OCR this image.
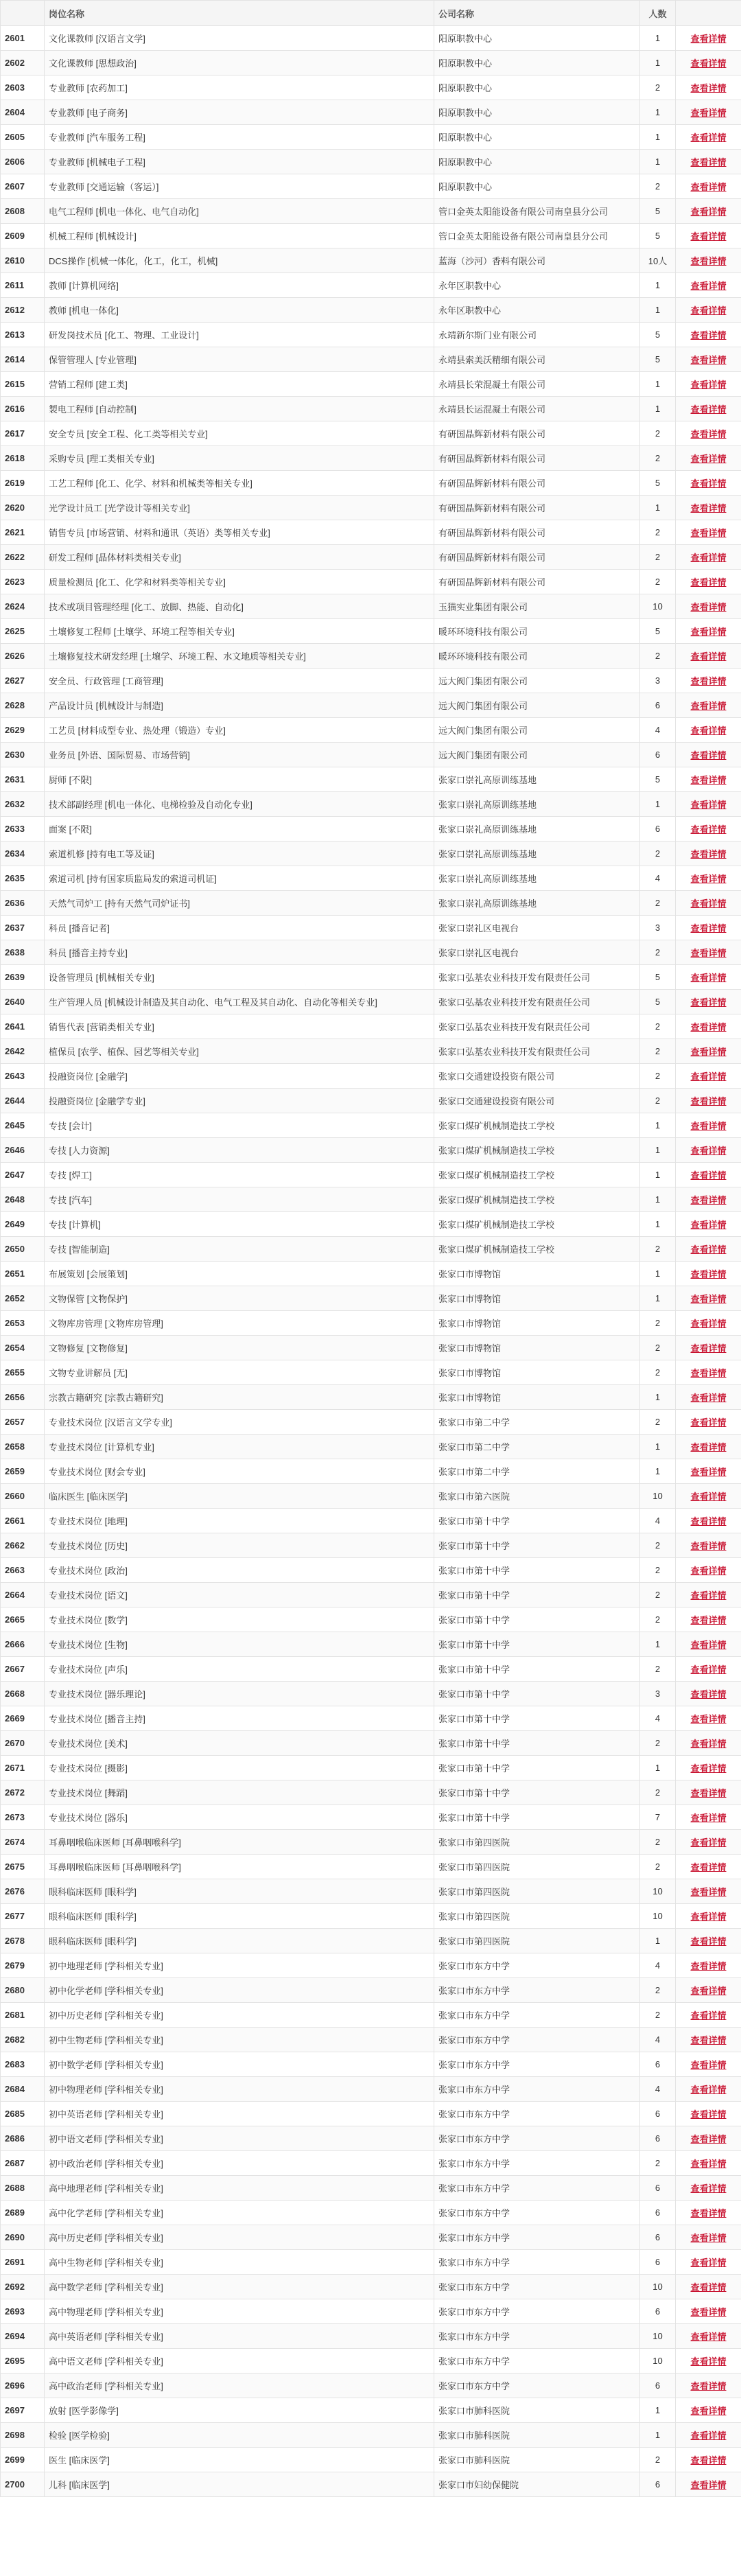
	岗位名称	公司名称	人数	
2601	文化课教师 [汉语言文学]	阳原职教中心	1	查看详情
2602	文化课教师 [思想政治]	阳原职教中心	1	查看详情
2603	专业教师 [农药加工]	阳原职教中心	2	查看详情
2604	专业教师 [电子商务]	阳原职教中心	1	查看详情
2605	专业教师 [汽车服务工程]	阳原职教中心	1	查看详情
2606	专业教师 [机械电子工程]	阳原职教中心	1	查看详情
2607	专业教师 [交通运输（客运）]	阳原职教中心	2	查看详情
2608	电气工程师 [机电一体化、电气自动化]	管口金英太阳能设备有限公司南皇县分公司	5	查看详情
2609	机械工程师 [机械设计]	管口金英太阳能设备有限公司南皇县分公司	5	查看详情
2610	DCS操作 [机械一体化，化工，化工，机械]	蓝海（沙河）香料有限公司	10人	查看详情
2611	教师 [计算机网络]	永年区职教中心	1	查看详情
2612	教师 [机电一体化]	永年区职教中心	1	查看详情
2613	研发岗技术员 [化工、物理、工业设计]	永靖新尔斯门业有限公司	5	查看详情
2614	保管管理人 [专业管理]	永靖县索美沃精细有限公司	5	查看详情
2615	营销工程师 [建工类]	永靖县长荣混凝土有限公司	1	查看详情
2616	製电工程师 [自动控制]	永靖县长运混凝土有限公司	1	查看详情
2617	安全专员 [安全工程、化工类等相关专业]	有研国晶辉新材料有限公司	2	查看详情
2618	采购专员 [理工类相关专业]	有研国晶辉新材料有限公司	2	查看详情
2619	工艺工程师 [化工、化学、材料和机械类等相关专业]	有研国晶辉新材料有限公司	5	查看详情
2620	光学设计员工 [光学设计等相关专业]	有研国晶辉新材料有限公司	1	查看详情
2621	销售专员 [市场营销、材料和通讯（英语）类等相关专业]	有研国晶辉新材料有限公司	2	查看详情
2622	研发工程师 [晶体材料类相关专业]	有研国晶辉新材料有限公司	2	查看详情
2623	质量检测员 [化工、化学和材料类等相关专业]	有研国晶辉新材料有限公司	2	查看详情
2624	技术或项目管理经理 [化工、放脚、热能、自动化]	玉猫实业集团有限公司	10	查看详情
2625	土壤修复工程师 [土壤学、环境工程等相关专业]	暖环环境科技有限公司	5	查看详情
2626	土壤修复技术研发经理 [土壤学、环境工程、水文地质等相关专业]	暖环环境科技有限公司	2	查看详情
2627	安全员、行政管理 [工商管理]	远大阀门集团有限公司	3	查看详情
2628	产品设计员 [机械设计与制造]	远大阀门集团有限公司	6	查看详情
2629	工艺员 [材料成型专业、热处理（锻造）专业]	远大阀门集团有限公司	4	查看详情
2630	业务员 [外语、国际贸易、市场营销]	远大阀门集团有限公司	6	查看详情
2631	厨师 [不限]	张家口崇礼高原训练基地	5	查看详情
2632	技术部副经理 [机电一体化、电梯检验及自动化专业]	张家口崇礼高原训练基地	1	查看详情
2633	面案 [不限]	张家口崇礼高原训练基地	6	查看详情
2634	索道机修 [持有电工等及证]	张家口崇礼高原训练基地	2	查看详情
2635	索道司机 [持有国家质监局发的索道司机证]	张家口崇礼高原训练基地	4	查看详情
2636	天然气司炉工 [持有天然气司炉证书]	张家口崇礼高原训练基地	2	查看详情
2637	科员 [播音记者]	张家口崇礼区电视台	3	查看详情
2638	科员 [播音主持专业]	张家口崇礼区电视台	2	查看详情
2639	设备管理员 [机械相关专业]	张家口弘基农业科技开发有限责任公司	5	查看详情
2640	生产管理人员 [机械设计制造及其自动化、电气工程及其自动化、自动化等相关专业]	张家口弘基农业科技开发有限责任公司	5	查看详情
2641	销售代表 [营销类相关专业]	张家口弘基农业科技开发有限责任公司	2	查看详情
2642	植保员 [农学、植保、园艺等相关专业]	张家口弘基农业科技开发有限责任公司	2	查看详情
2643	投融资岗位 [金融学]	张家口交通建设投资有限公司	2	查看详情
2644	投融资岗位 [金融学专业]	张家口交通建设投资有限公司	2	查看详情
2645	专技 [会计]	张家口煤矿机械制造技工学校	1	查看详情
2646	专技 [人力资源]	张家口煤矿机械制造技工学校	1	查看详情
2647	专技 [焊工]	张家口煤矿机械制造技工学校	1	查看详情
2648	专技 [汽车]	张家口煤矿机械制造技工学校	1	查看详情
2649	专技 [计算机]	张家口煤矿机械制造技工学校	1	查看详情
2650	专技 [智能制造]	张家口煤矿机械制造技工学校	2	查看详情
2651	布展策划 [会展策划]	张家口市博物馆	1	查看详情
2652	文物保管 [文物保护]	张家口市博物馆	1	查看详情
2653	文物库房管理 [文物库房管理]	张家口市博物馆	2	查看详情
2654	文物修复 [文物修复]	张家口市博物馆	2	查看详情
2655	文物专业讲解员 [无]	张家口市博物馆	2	查看详情
2656	宗教古籍研究 [宗教古籍研究]	张家口市博物馆	1	查看详情
2657	专业技术岗位 [汉语言文学专业]	张家口市第二中学	2	查看详情
2658	专业技术岗位 [计算机专业]	张家口市第二中学	1	查看详情
2659	专业技术岗位 [财会专业]	张家口市第二中学	1	查看详情
2660	临床医生 [临床医学]	张家口市第六医院	10	查看详情
2661	专业技术岗位 [地理]	张家口市第十中学	4	查看详情
2662	专业技术岗位 [历史]	张家口市第十中学	2	查看详情
2663	专业技术岗位 [政治]	张家口市第十中学	2	查看详情
2664	专业技术岗位 [语文]	张家口市第十中学	2	查看详情
2665	专业技术岗位 [数学]	张家口市第十中学	2	查看详情
2666	专业技术岗位 [生物]	张家口市第十中学	1	查看详情
2667	专业技术岗位 [声乐]	张家口市第十中学	2	查看详情
2668	专业技术岗位 [器乐理论]	张家口市第十中学	3	查看详情
2669	专业技术岗位 [播音主持]	张家口市第十中学	4	查看详情
2670	专业技术岗位 [美术]	张家口市第十中学	2	查看详情
2671	专业技术岗位 [摄影]	张家口市第十中学	1	查看详情
2672	专业技术岗位 [舞蹈]	张家口市第十中学	2	查看详情
2673	专业技术岗位 [器乐]	张家口市第十中学	7	查看详情
2674	耳鼻咽喉临床医师 [耳鼻咽喉科学]	张家口市第四医院	2	查看详情
2675	耳鼻咽喉临床医师 [耳鼻咽喉科学]	张家口市第四医院	2	查看详情
2676	眼科临床医师 [眼科学]	张家口市第四医院	10	查看详情
2677	眼科临床医师 [眼科学]	张家口市第四医院	10	查看详情
2678	眼科临床医师 [眼科学]	张家口市第四医院	1	查看详情
2679	初中地理老师 [学科相关专业]	张家口市东方中学	4	查看详情
2680	初中化学老师 [学科相关专业]	张家口市东方中学	2	查看详情
2681	初中历史老师 [学科相关专业]	张家口市东方中学	2	查看详情
2682	初中生物老师 [学科相关专业]	张家口市东方中学	4	查看详情
2683	初中数学老师 [学科相关专业]	张家口市东方中学	6	查看详情
2684	初中物理老师 [学科相关专业]	张家口市东方中学	4	查看详情
2685	初中英语老师 [学科相关专业]	张家口市东方中学	6	查看详情
2686	初中语文老师 [学科相关专业]	张家口市东方中学	6	查看详情
2687	初中政治老师 [学科相关专业]	张家口市东方中学	2	查看详情
2688	高中地理老师 [学科相关专业]	张家口市东方中学	6	查看详情
2689	高中化学老师 [学科相关专业]	张家口市东方中学	6	查看详情
2690	高中历史老师 [学科相关专业]	张家口市东方中学	6	查看详情
2691	高中生物老师 [学科相关专业]	张家口市东方中学	6	查看详情
2692	高中数学老师 [学科相关专业]	张家口市东方中学	10	查看详情
2693	高中物理老师 [学科相关专业]	张家口市东方中学	6	查看详情
2694	高中英语老师 [学科相关专业]	张家口市东方中学	10	查看详情
2695	高中语文老师 [学科相关专业]	张家口市东方中学	10	查看详情
2696	高中政治老师 [学科相关专业]	张家口市东方中学	6	查看详情
2697	放射 [医学影像学]	张家口市肺科医院	1	查看详情
2698	检验 [医学检验]	张家口市肺科医院	1	查看详情
2699	医生 [临床医学]	张家口市肺科医院	2	查看详情
2700	儿科 [临床医学]	张家口市妇幼保健院	6	查看详情
